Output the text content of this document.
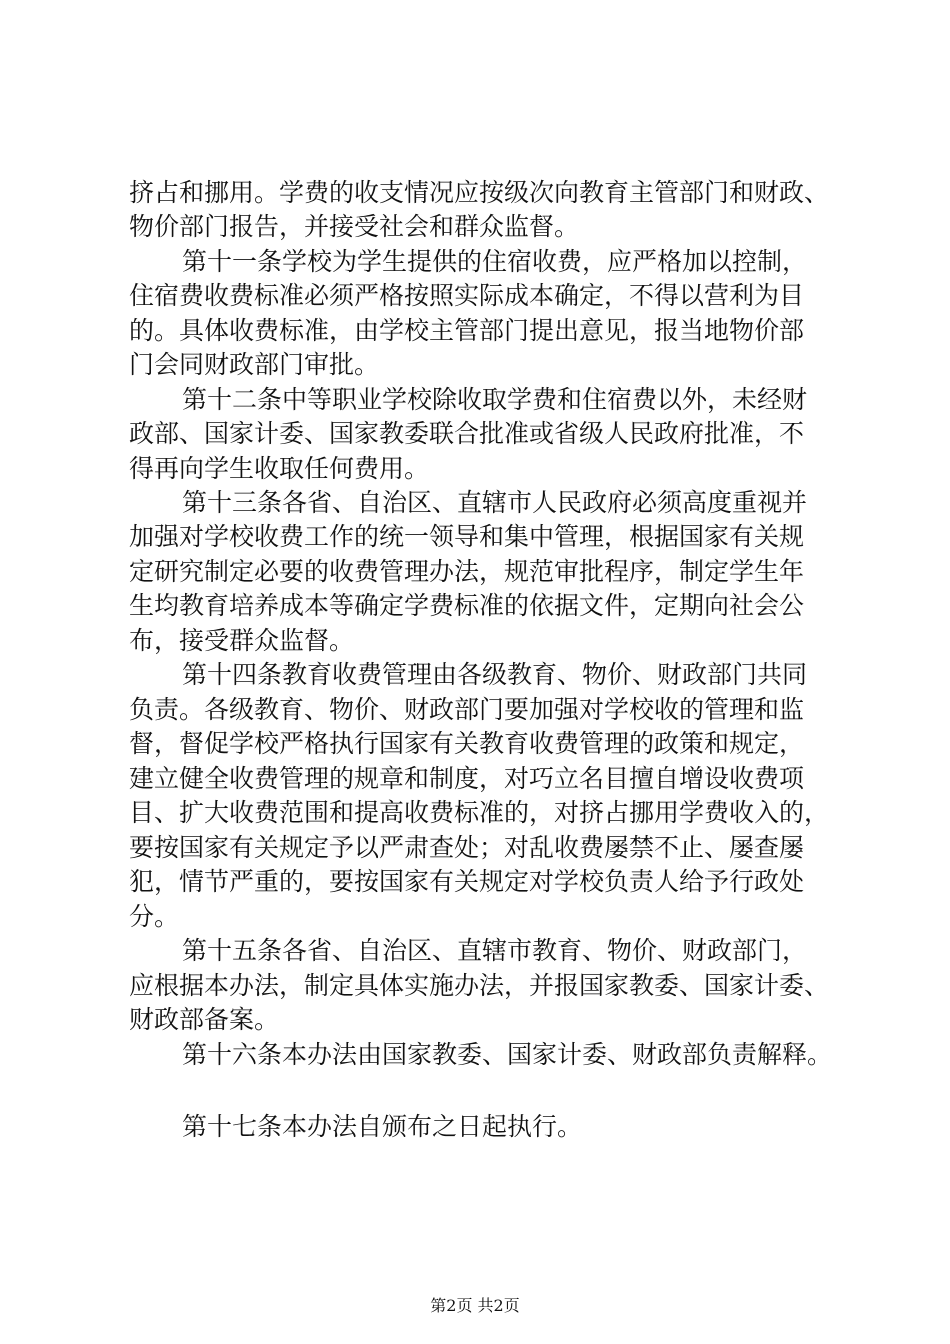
挤占和挪用。学费的收支情况应按级次向教育主管部门和财政、
物价部门报告，并接受社会和群众监督。
第十一条学校为学生提供的住宿收费，应严格加以控制，
住宿费收费标准必须严格按照实际成本确定，不得以营利为目
的。具体收费标准，由学校主管部门提出意见，报当地物价部
门会同财政部门审批。
第十二条中等职业学校除收取学费和住宿费以外，未经财
政部、国家计委、国家教委联合批准或省级人民政府批准，不
得再向学生收取任何费用。
第十三条各省、自治区、直辖市人民政府必须高度重视并
加强对学校收费工作的统一领导和集中管理，根据国家有关规
定研究制定必要的收费管理办法，规范审批程序，制定学生年
生均教育培养成本等确定学费标准的依据文件，定期向社会公
布，接受群众监督。
第十四条教育收费管理由各级教育、物价、财政部门共同
负责。各级教育、物价、财政部门要加强对学校收的管理和监
督，督促学校严格执行国家有关教育收费管理的政策和规定，
建立健全收费管理的规章和制度，对巧立名目擅自增设收费项
目、扩大收费范围和提高收费标准的，对挤占挪用学费收入的，
要按国家有关规定予以严肃查处；对乱收费屡禁不止、屡查屡
犯，情节严重的，要按国家有关规定对学校负责人给予行政处
分。
第十五条各省、自治区、直辖市教育、物价、财政部门，
应根据本办法，制定具体实施办法，并报国家教委、国家计委、
财政部备案。
第十六条本办法由国家教委、国家计委、财政部负责解释。
第十七条本办法自颁布之日起执行。
第2页 共2页
